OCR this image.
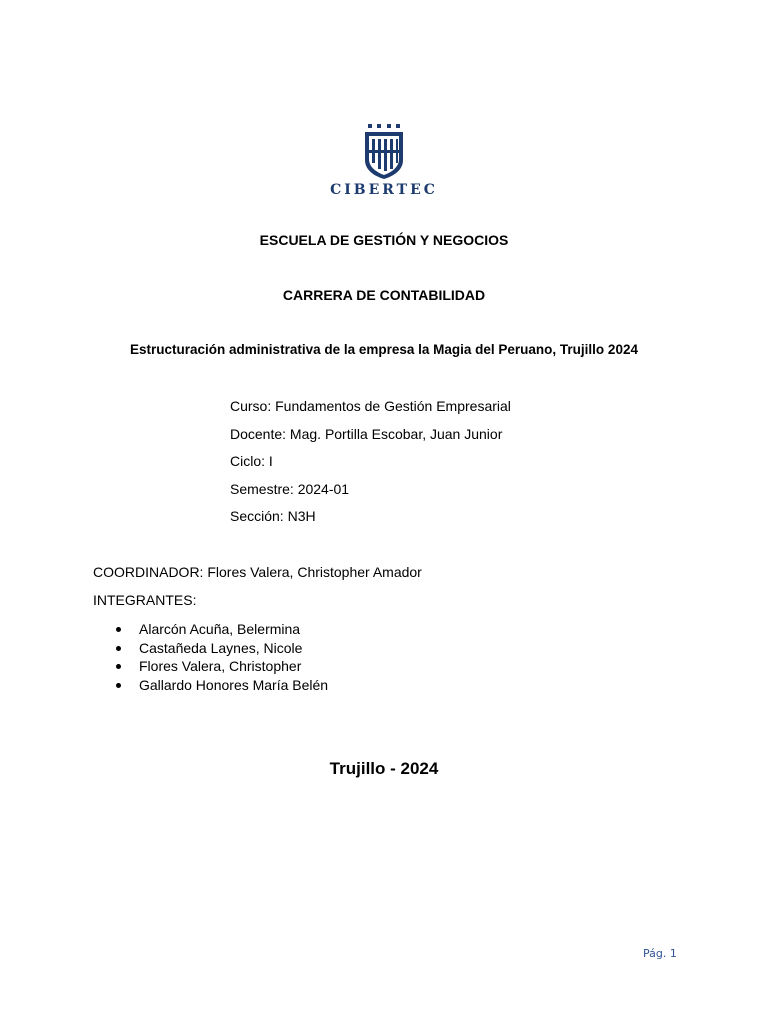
CIBERTEC
ESCUELA DE GESTIÓN Y NEGOCIOS
CARRERA DE CONTABILIDAD
Estructuración administrativa de la empresa la Magia del Peruano, Trujillo 2024
Curso: Fundamentos de Gestión Empresarial
Docente: Mag. Portilla Escobar, Juan Junior
Ciclo: I
Semestre: 2024-01
Sección: N3H
COORDINADOR: Flores Valera, Christopher Amador
INTEGRANTES:
Alarcón Acuña, Belermina
Castañeda Laynes, Nicole
Flores Valera, Christopher
Gallardo Honores María Belén
Trujillo - 2024
Pág. 1
